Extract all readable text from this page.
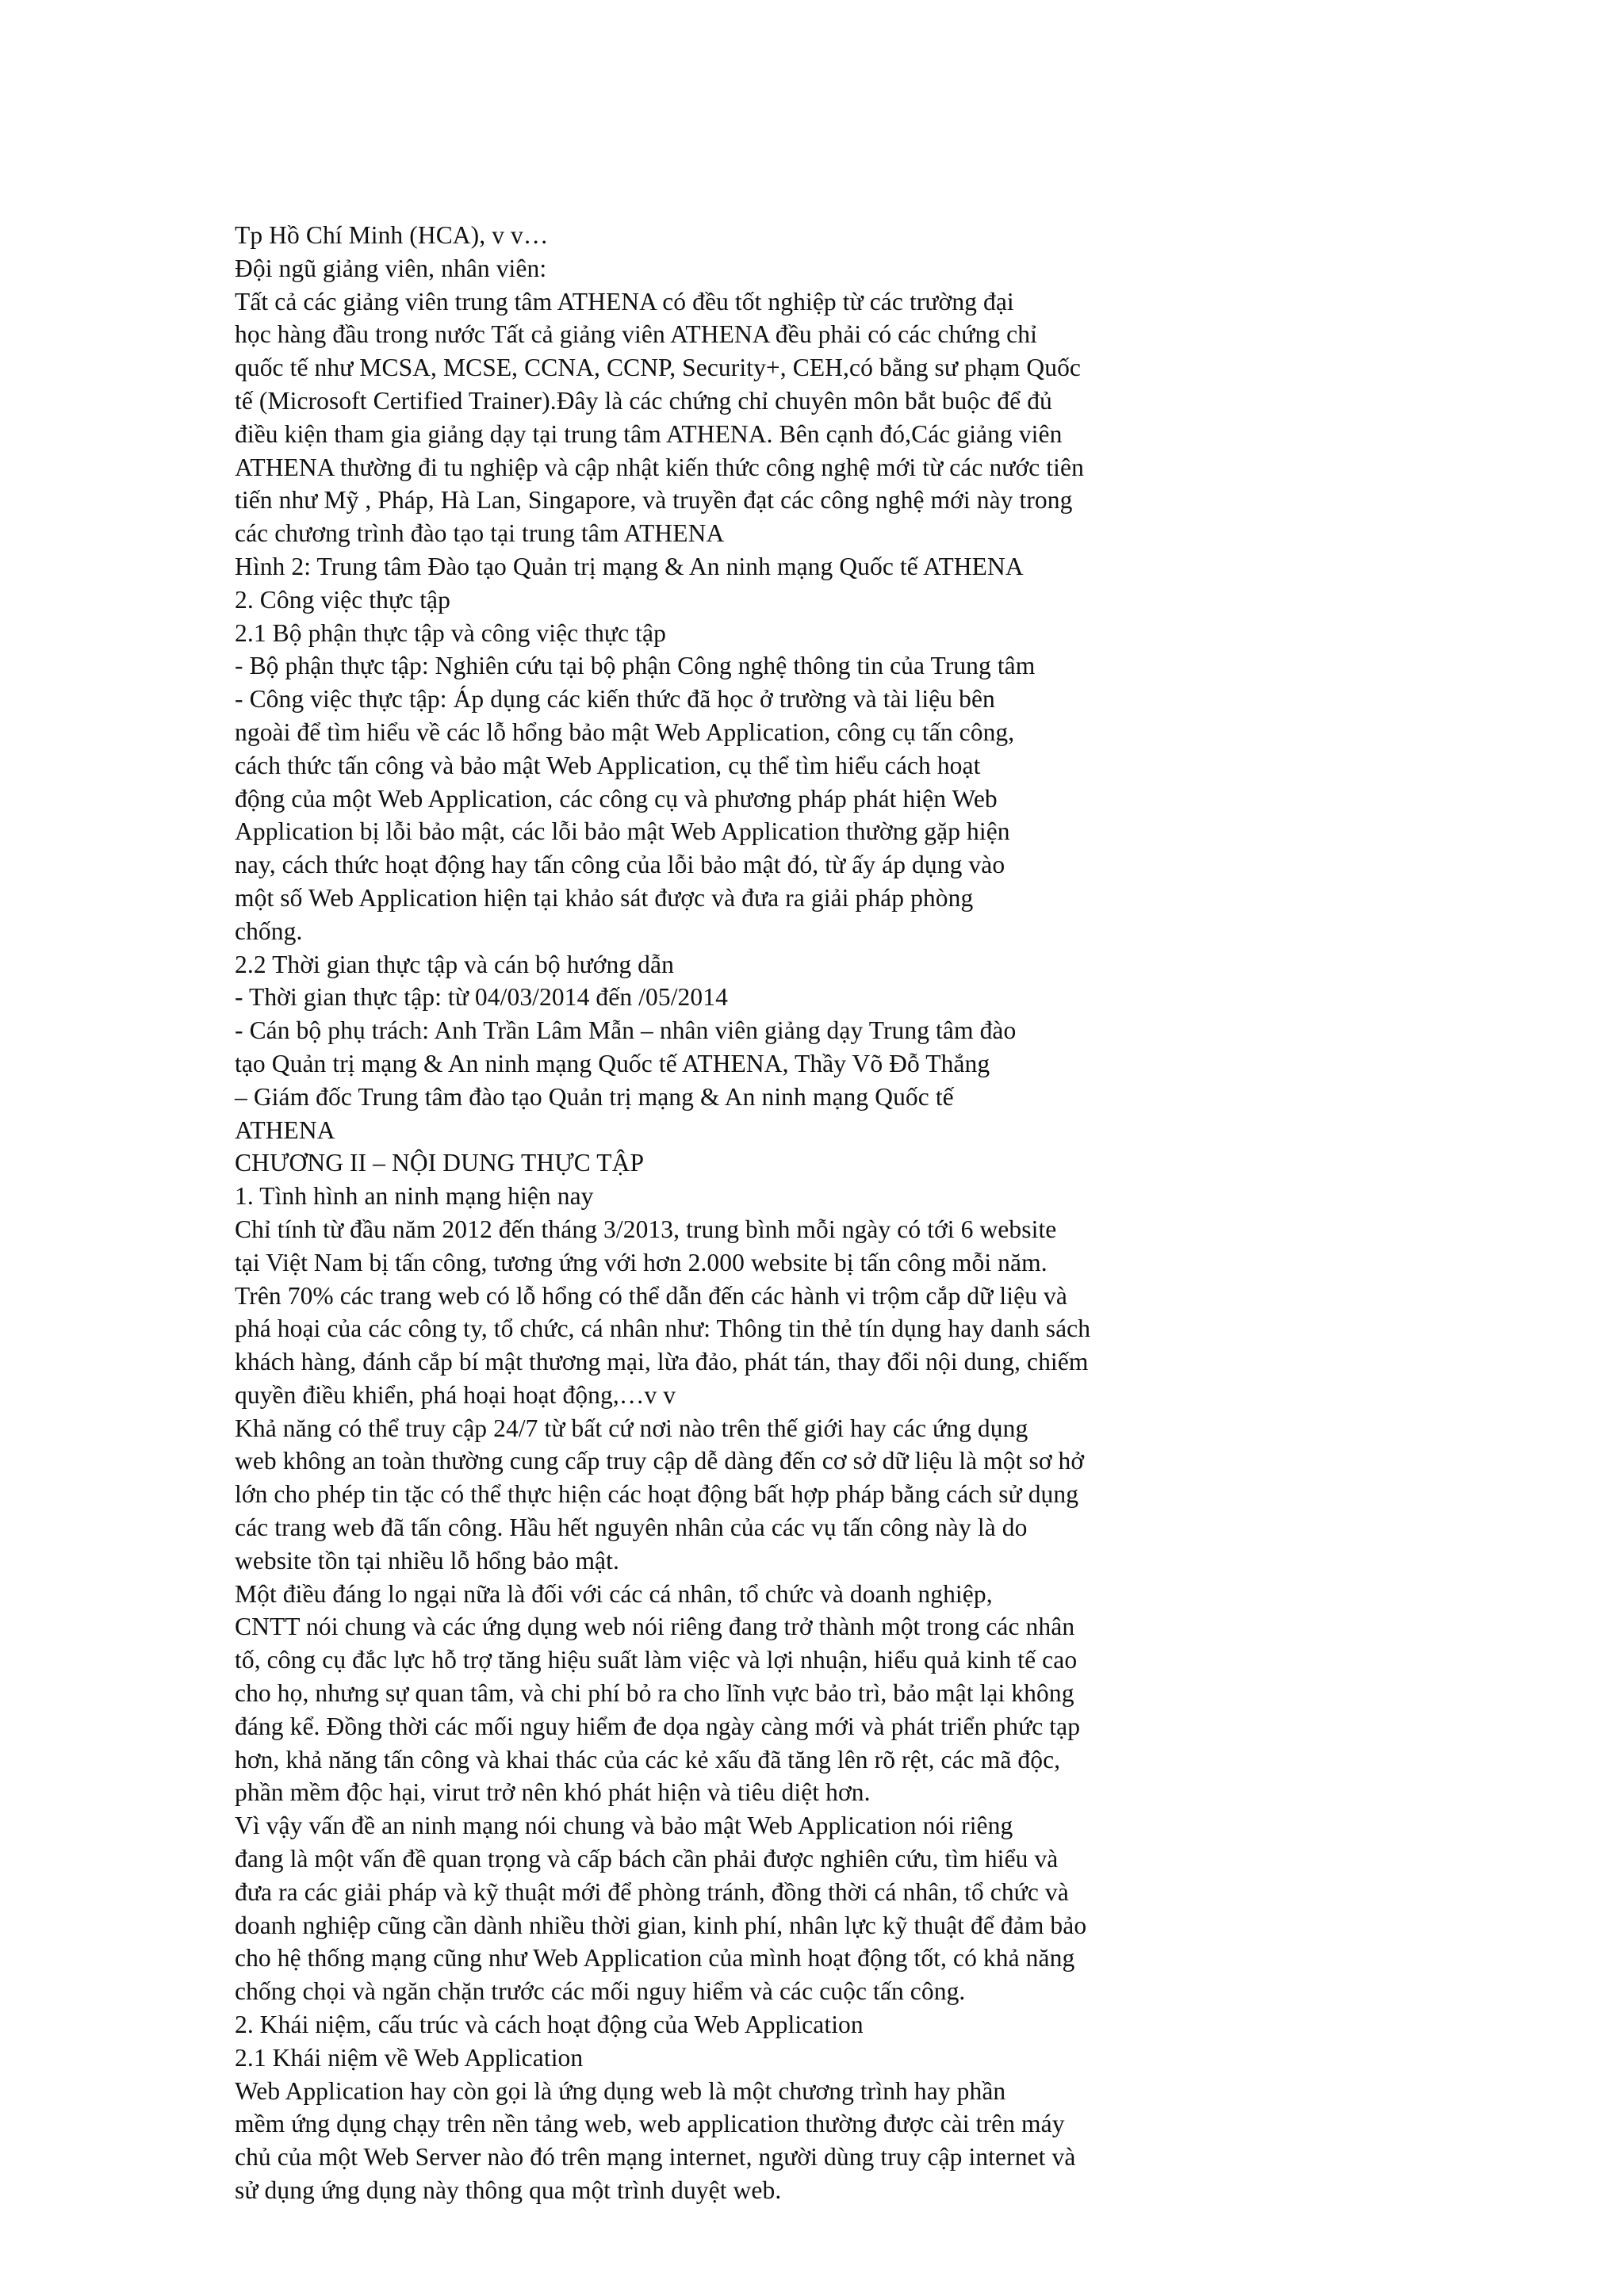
Tp Hồ Chí Minh (HCA), v v…
Đội ngũ giảng viên, nhân viên:
Tất cả các giảng viên trung tâm ATHENA có đều tốt nghiệp từ các trường đại
học hàng đầu trong nước Tất cả giảng viên ATHENA đều phải có các chứng chỉ
quốc tế như MCSA, MCSE, CCNA, CCNP, Security+, CEH,có bằng sư phạm Quốc
tế (Microsoft Certified Trainer).Đây là các chứng chỉ chuyên môn bắt buộc để đủ
điều kiện tham gia giảng dạy tại trung tâm ATHENA. Bên cạnh đó,Các giảng viên
ATHENA thường đi tu nghiệp và cập nhật kiến thức công nghệ mới từ các nước tiên
tiến như Mỹ , Pháp, Hà Lan, Singapore, và truyền đạt các công nghệ mới này trong
các chương trình đào tạo tại trung tâm ATHENA
Hình 2: Trung tâm Đào tạo Quản trị mạng & An ninh mạng Quốc tế ATHENA
2. Công việc thực tập
2.1 Bộ phận thực tập và công việc thực tập
- Bộ phận thực tập: Nghiên cứu tại bộ phận Công nghệ thông tin của Trung tâm
- Công việc thực tập: Áp dụng các kiến thức đã học ở trường và tài liệu bên
ngoài để tìm hiểu về các lỗ hổng bảo mật Web Application, công cụ tấn công,
cách thức tấn công và bảo mật Web Application, cụ thể tìm hiểu cách hoạt
động của một Web Application, các công cụ và phương pháp phát hiện Web
Application bị lỗi bảo mật, các lỗi bảo mật Web Application thường gặp hiện
nay, cách thức hoạt động hay tấn công của lỗi bảo mật đó, từ ấy áp dụng vào
một số Web Application hiện tại khảo sát được và đưa ra giải pháp phòng
chống.
2.2 Thời gian thực tập và cán bộ hướng dẫn
- Thời gian thực tập: từ 04/03/2014 đến /05/2014
- Cán bộ phụ trách: Anh Trần Lâm Mẫn – nhân viên giảng dạy Trung tâm đào
tạo Quản trị mạng & An ninh mạng Quốc tế ATHENA, Thầy Võ Đỗ Thắng
– Giám đốc Trung tâm đào tạo Quản trị mạng & An ninh mạng Quốc tế
ATHENA
CHƯƠNG II – NỘI DUNG THỰC TẬP
1. Tình hình an ninh mạng hiện nay
Chỉ tính từ đầu năm 2012 đến tháng 3/2013, trung bình mỗi ngày có tới 6 website
tại Việt Nam bị tấn công, tương ứng với hơn 2.000 website bị tấn công mỗi năm.
Trên 70% các trang web có lỗ hổng có thể dẫn đến các hành vi trộm cắp dữ liệu và
phá hoại của các công ty, tổ chức, cá nhân như: Thông tin thẻ tín dụng hay danh sách
khách hàng, đánh cắp bí mật thương mại, lừa đảo, phát tán, thay đổi nội dung, chiếm
quyền điều khiển, phá hoại hoạt động,…v v
Khả năng có thể truy cập 24/7 từ bất cứ nơi nào trên thế giới hay các ứng dụng
web không an toàn thường cung cấp truy cập dễ dàng đến cơ sở dữ liệu là một sơ hở
lớn cho phép tin tặc có thể thực hiện các hoạt động bất hợp pháp bằng cách sử dụng
các trang web đã tấn công. Hầu hết nguyên nhân của các vụ tấn công này là do
website tồn tại nhiều lỗ hổng bảo mật.
Một điều đáng lo ngại nữa là đối với các cá nhân, tổ chức và doanh nghiệp,
CNTT nói chung và các ứng dụng web nói riêng đang trở thành một trong các nhân
tố, công cụ đắc lực hỗ trợ tăng hiệu suất làm việc và lợi nhuận, hiểu quả kinh tế cao
cho họ, nhưng sự quan tâm, và chi phí bỏ ra cho lĩnh vực bảo trì, bảo mật lại không
đáng kể. Đồng thời các mối nguy hiểm đe dọa ngày càng mới và phát triển phức tạp
hơn, khả năng tấn công và khai thác của các kẻ xấu đã tăng lên rõ rệt, các mã độc,
phần mềm độc hại, virut trở nên khó phát hiện và tiêu diệt hơn.
Vì vậy vấn đề an ninh mạng nói chung và bảo mật Web Application nói riêng
đang là một vấn đề quan trọng và cấp bách cần phải được nghiên cứu, tìm hiểu và
đưa ra các giải pháp và kỹ thuật mới để phòng tránh, đồng thời cá nhân, tổ chức và
doanh nghiệp cũng cần dành nhiều thời gian, kinh phí, nhân lực kỹ thuật để đảm bảo
cho hệ thống mạng cũng như Web Application của mình hoạt động tốt, có khả năng
chống chọi và ngăn chặn trước các mối nguy hiểm và các cuộc tấn công.
2. Khái niệm, cấu trúc và cách hoạt động của Web Application
2.1 Khái niệm về Web Application
Web Application hay còn gọi là ứng dụng web là một chương trình hay phần
mềm ứng dụng chạy trên nền tảng web, web application thường được cài trên máy
chủ của một Web Server nào đó trên mạng internet, người dùng truy cập internet và
sử dụng ứng dụng này thông qua một trình duyệt web.
